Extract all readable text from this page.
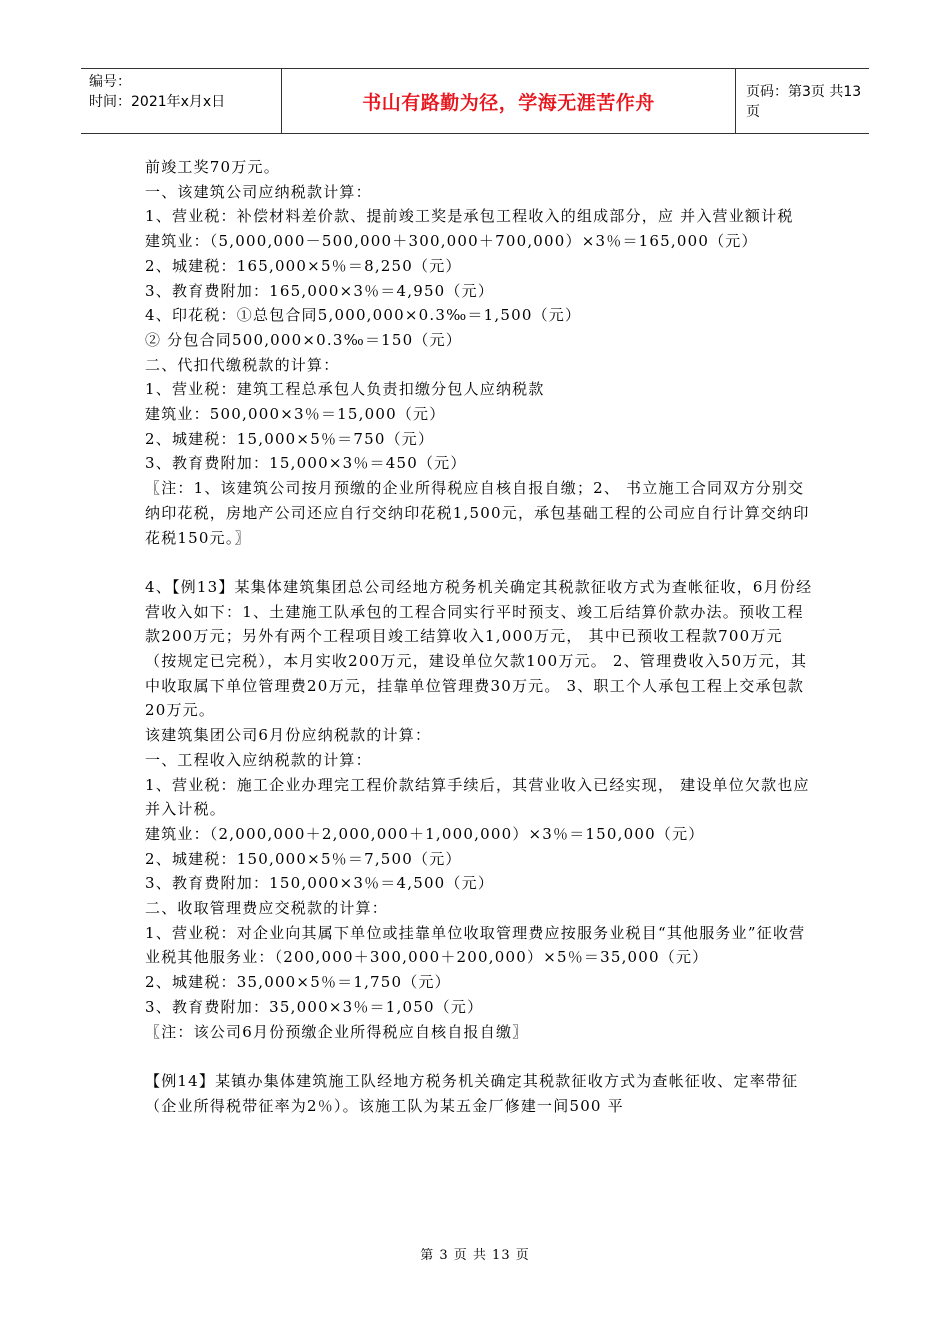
编号：
时间：2021年x月x日	书山有路勤为径，学海无涯苦作舟	页码：第3页 共13页

前竣工奖70万元。

一、该建筑公司应纳税款计算：

1、营业税：补偿材料差价款、提前竣工奖是承包工程收入的组成部分，应 并入营业额计税

建筑业：（5,000,000－500,000＋300,000＋700,000）×3％＝165,000（元）

2、城建税：165,000×5％＝8,250（元）

3、教育费附加：165,000×3％＝4,950（元）

4、印花税：①总包合同5,000,000×0.3‰＝1,500（元）

② 分包合同500,000×0.3‰＝150（元）

二、代扣代缴税款的计算：

1、营业税：建筑工程总承包人负责扣缴分包人应纳税款

建筑业：500,000×3％＝15,000（元）

2、城建税：15,000×5％＝750（元）

3、教育费附加：15,000×3％＝450（元）

〖注：1、该建筑公司按月预缴的企业所得税应自核自报自缴；2、 书立施工合同双方分别交纳印花税，房地产公司还应自行交纳印花税1,500元，承包基础工程的公司应自行计算交纳印花税150元。〗

4、【例13】某集体建筑集团总公司经地方税务机关确定其税款征收方式为查帐征收，6月份经营收入如下：1、土建施工队承包的工程合同实行平时预支、竣工后结算价款办法。预收工程款200万元；另外有两个工程项目竣工结算收入1,000万元， 其中已预收工程款700万元（按规定已完税），本月实收200万元，建设单位欠款100万元。 2、管理费收入50万元，其中收取属下单位管理费20万元，挂靠单位管理费30万元。 3、职工个人承包工程上交承包款20万元。

该建筑集团公司6月份应纳税款的计算：

一、工程收入应纳税款的计算：

1、营业税：施工企业办理完工程价款结算手续后，其营业收入已经实现， 建设单位欠款也应并入计税。

建筑业：（2,000,000＋2,000,000＋1,000,000）×3％＝150,000（元）

2、城建税：150,000×5％＝7,500（元）

3、教育费附加：150,000×3％＝4,500（元）

二、收取管理费应交税款的计算：

1、营业税：对企业向其属下单位或挂靠单位收取管理费应按服务业税目“其他服务业”征收营业税其他服务业：（200,000＋300,000＋200,000）×5％＝35,000（元）

2、城建税：35,000×5％＝1,750（元）

3、教育费附加：35,000×3％＝1,050（元）

〖注：该公司6月份预缴企业所得税应自核自报自缴〗

【例14】某镇办集体建筑施工队经地方税务机关确定其税款征收方式为查帐征收、定率带征（企业所得税带征率为2％）。该施工队为某五金厂修建一间500 平

第 3 页 共 13 页
